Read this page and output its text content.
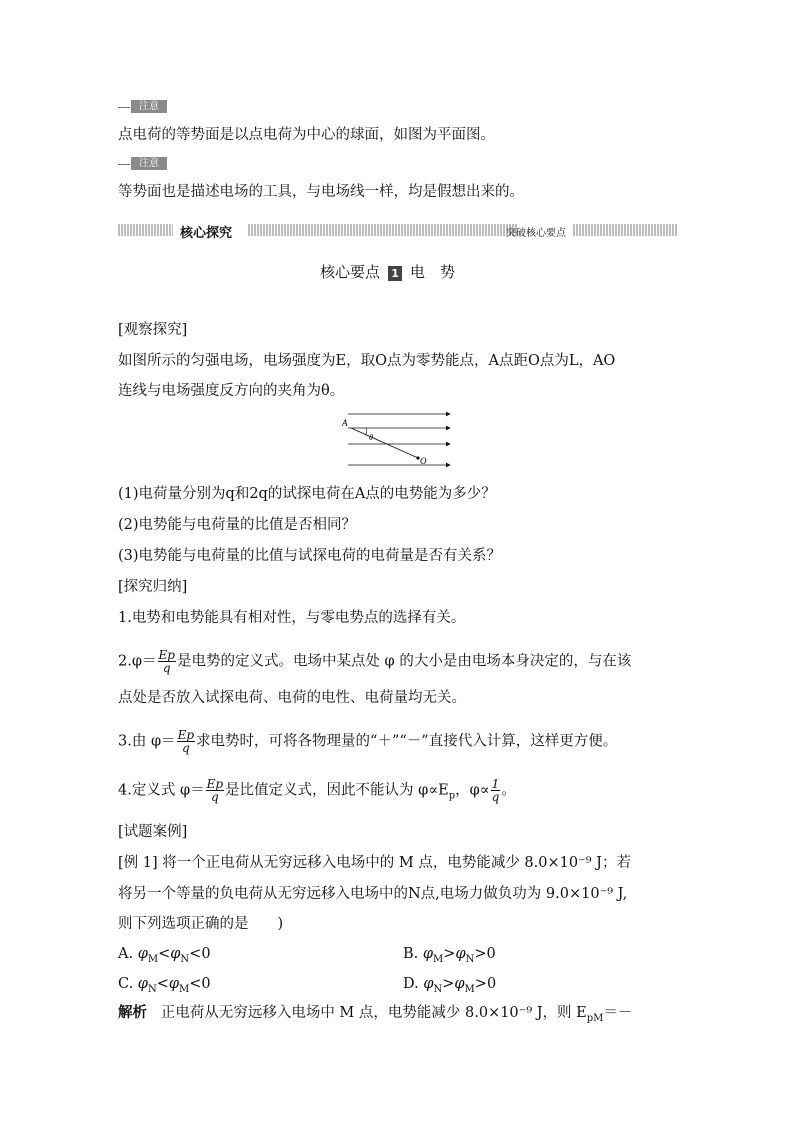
注意
点电荷的等势面是以点电荷为中心的球面，如图为平面图。
注意
等势面也是描述电场的工具，与电场线一样，均是假想出来的。
核心探究	突破核心要点
核心要点 1 电　势
[观察探究]
如图所示的匀强电场，电场强度为E，取O点为零势能点，A点距O点为L，AO
连线与电场强度反方向的夹角为θ。
A
θ
O
(1)电荷量分别为q和2q的试探电荷在A点的电势能为多少？
(2)电势能与电荷量的比值是否相同？
(3)电势能与电荷量的比值与试探电荷的电荷量是否有关系？
[探究归纳]
1.电势和电势能具有相对性，与零电势点的选择有关。
$2.\varphi= \frac{Ep}{q}$ 是电势的定义式。电场中某点处 φ 的大小是由电场本身决定的，与在该
点处是否放入试探电荷、电荷的电性、电荷量均无关。
3.由 $\varphi= \frac{Ep}{q}$ 求电势时，可将各物理量的“＋”“－”直接代入计算，这样更方便。
4.定义式 $\varphi= \frac{Ep}{q}$ 是比值定义式，因此不能认为 $\varphi\propto E_p$，$\varphi\propto \frac{1}{q}$ 。
[试题案例]
[例 1] 将一个正电荷从无穷远移入电场中的 M 点，电势能减少 8.0×10⁻⁹ J；若
将另一个等量的负电荷从无穷远移入电场中的N点,电场力做负功为 9.0×10⁻⁹ J,
则下列选项正确的是　　)
A. $\varphi_M<\varphi_N<0$	B. $\varphi_M>\varphi_N>0$
C. $\varphi_N<\varphi_M<0$	D. $\varphi_N>\varphi_M>0$
解析 正电荷从无穷远移入电场中 M 点，电势能减少 8.0×10⁻⁹ J，则 $E_{pM}=-$
